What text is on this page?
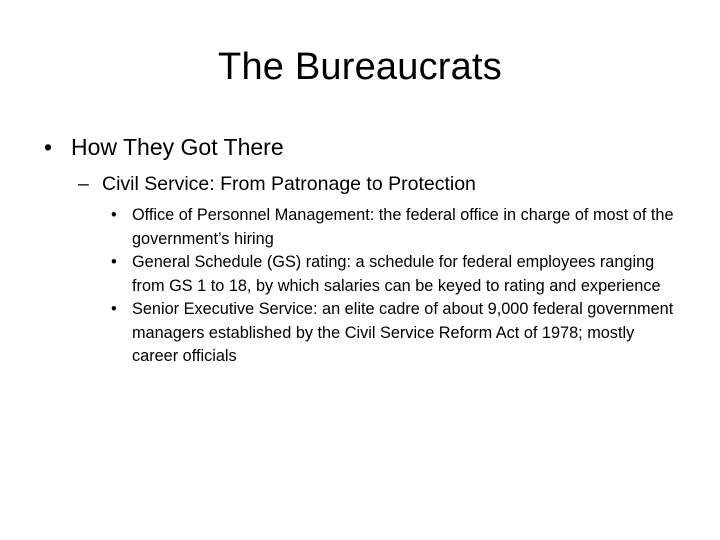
The Bureaucrats
• How They Got There
– Civil Service: From Patronage to Protection
• Office of Personnel Management: the federal office in charge of most of the government’s hiring
• General Schedule (GS) rating: a schedule for federal employees ranging from GS 1 to 18, by which salaries can be keyed to rating and experience
• Senior Executive Service: an elite cadre of about 9,000 federal government managers established by the Civil Service Reform Act of 1978; mostly career officials
